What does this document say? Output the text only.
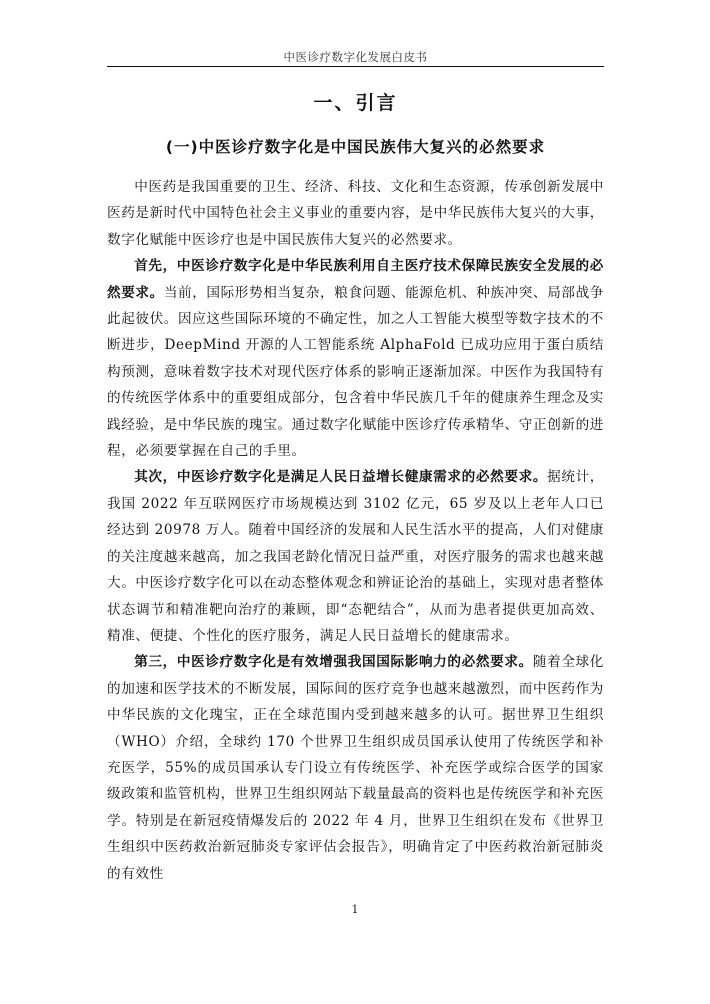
中医诊疗数字化发展白皮书
一、引言
(一)中医诊疗数字化是中国民族伟大复兴的必然要求

中医药是我国重要的卫生、经济、科技、文化和生态资源，传承创新发展中医药是新时代中国特色社会主义事业的重要内容，是中华民族伟大复兴的大事，数字化赋能中医诊疗也是中国民族伟大复兴的必然要求。

首先，中医诊疗数字化是中华民族利用自主医疗技术保障民族安全发展的必然要求。当前，国际形势相当复杂，粮食问题、能源危机、种族冲突、局部战争此起彼伏。因应这些国际环境的不确定性，加之人工智能大模型等数字技术的不断进步，DeepMind 开源的人工智能系统 AlphaFold 已成功应用于蛋白质结构预测，意味着数字技术对现代医疗体系的影响正逐渐加深。中医作为我国特有的传统医学体系中的重要组成部分，包含着中华民族几千年的健康养生理念及实践经验，是中华民族的瑰宝。通过数字化赋能中医诊疗传承精华、守正创新的进程，必须要掌握在自己的手里。

其次，中医诊疗数字化是满足人民日益增长健康需求的必然要求。据统计，我国 2022 年互联网医疗市场规模达到 3102 亿元，65 岁及以上老年人口已经达到 20978 万人。随着中国经济的发展和人民生活水平的提高，人们对健康的关注度越来越高，加之我国老龄化情况日益严重，对医疗服务的需求也越来越大。中医诊疗数字化可以在动态整体观念和辨证论治的基础上，实现对患者整体状态调节和精准靶向治疗的兼顾，即“态靶结合”，从而为患者提供更加高效、精准、便捷、个性化的医疗服务，满足人民日益增长的健康需求。

第三，中医诊疗数字化是有效增强我国国际影响力的必然要求。随着全球化的加速和医学技术的不断发展，国际间的医疗竞争也越来越激烈，而中医药作为中华民族的文化瑰宝，正在全球范围内受到越来越多的认可。据世界卫生组织（WHO）介绍，全球约 170 个世界卫生组织成员国承认使用了传统医学和补充医学，55%的成员国承认专门设立有传统医学、补充医学或综合医学的国家级政策和监管机构，世界卫生组织网站下载量最高的资料也是传统医学和补充医学。特别是在新冠疫情爆发后的 2022 年 4 月，世界卫生组织在发布《世界卫生组织中医药救治新冠肺炎专家评估会报告》，明确肯定了中医药救治新冠肺炎的有效性

1
